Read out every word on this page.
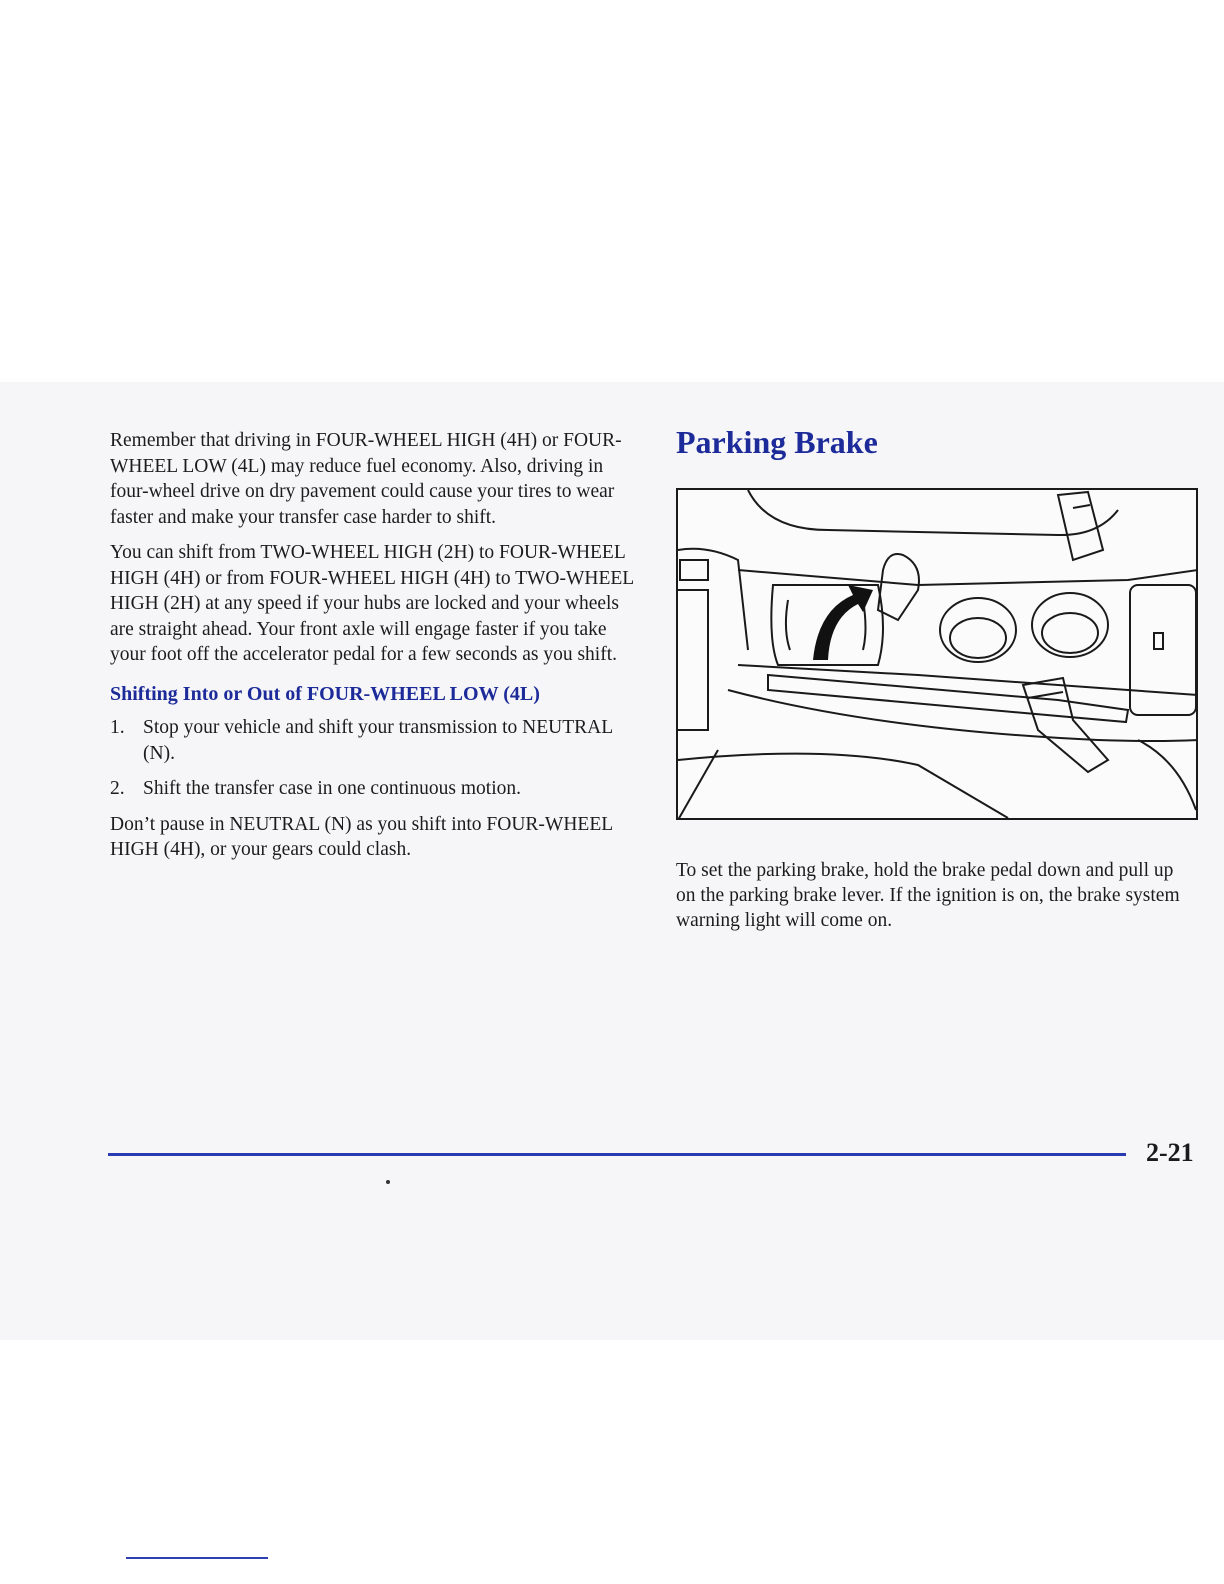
Remember that driving in FOUR-WHEEL HIGH (4H) or FOUR-WHEEL LOW (4L) may reduce fuel economy. Also, driving in four-wheel drive on dry pavement could cause your tires to wear faster and make your transfer case harder to shift.

You can shift from TWO-WHEEL HIGH (2H) to FOUR-WHEEL HIGH (4H) or from FOUR-WHEEL HIGH (4H) to TWO-WHEEL HIGH (2H) at any speed if your hubs are locked and your wheels are straight ahead. Your front axle will engage faster if you take your foot off the accelerator pedal for a few seconds as you shift.

Shifting Into or Out of FOUR-WHEEL LOW (4L)
1. Stop your vehicle and shift your transmission to NEUTRAL (N).
2. Shift the transfer case in one continuous motion.

Don’t pause in NEUTRAL (N) as you shift into FOUR-WHEEL HIGH (4H), or your gears could clash.

Parking Brake

To set the parking brake, hold the brake pedal down and pull up on the parking brake lever. If the ignition is on, the brake system warning light will come on.

2-21
